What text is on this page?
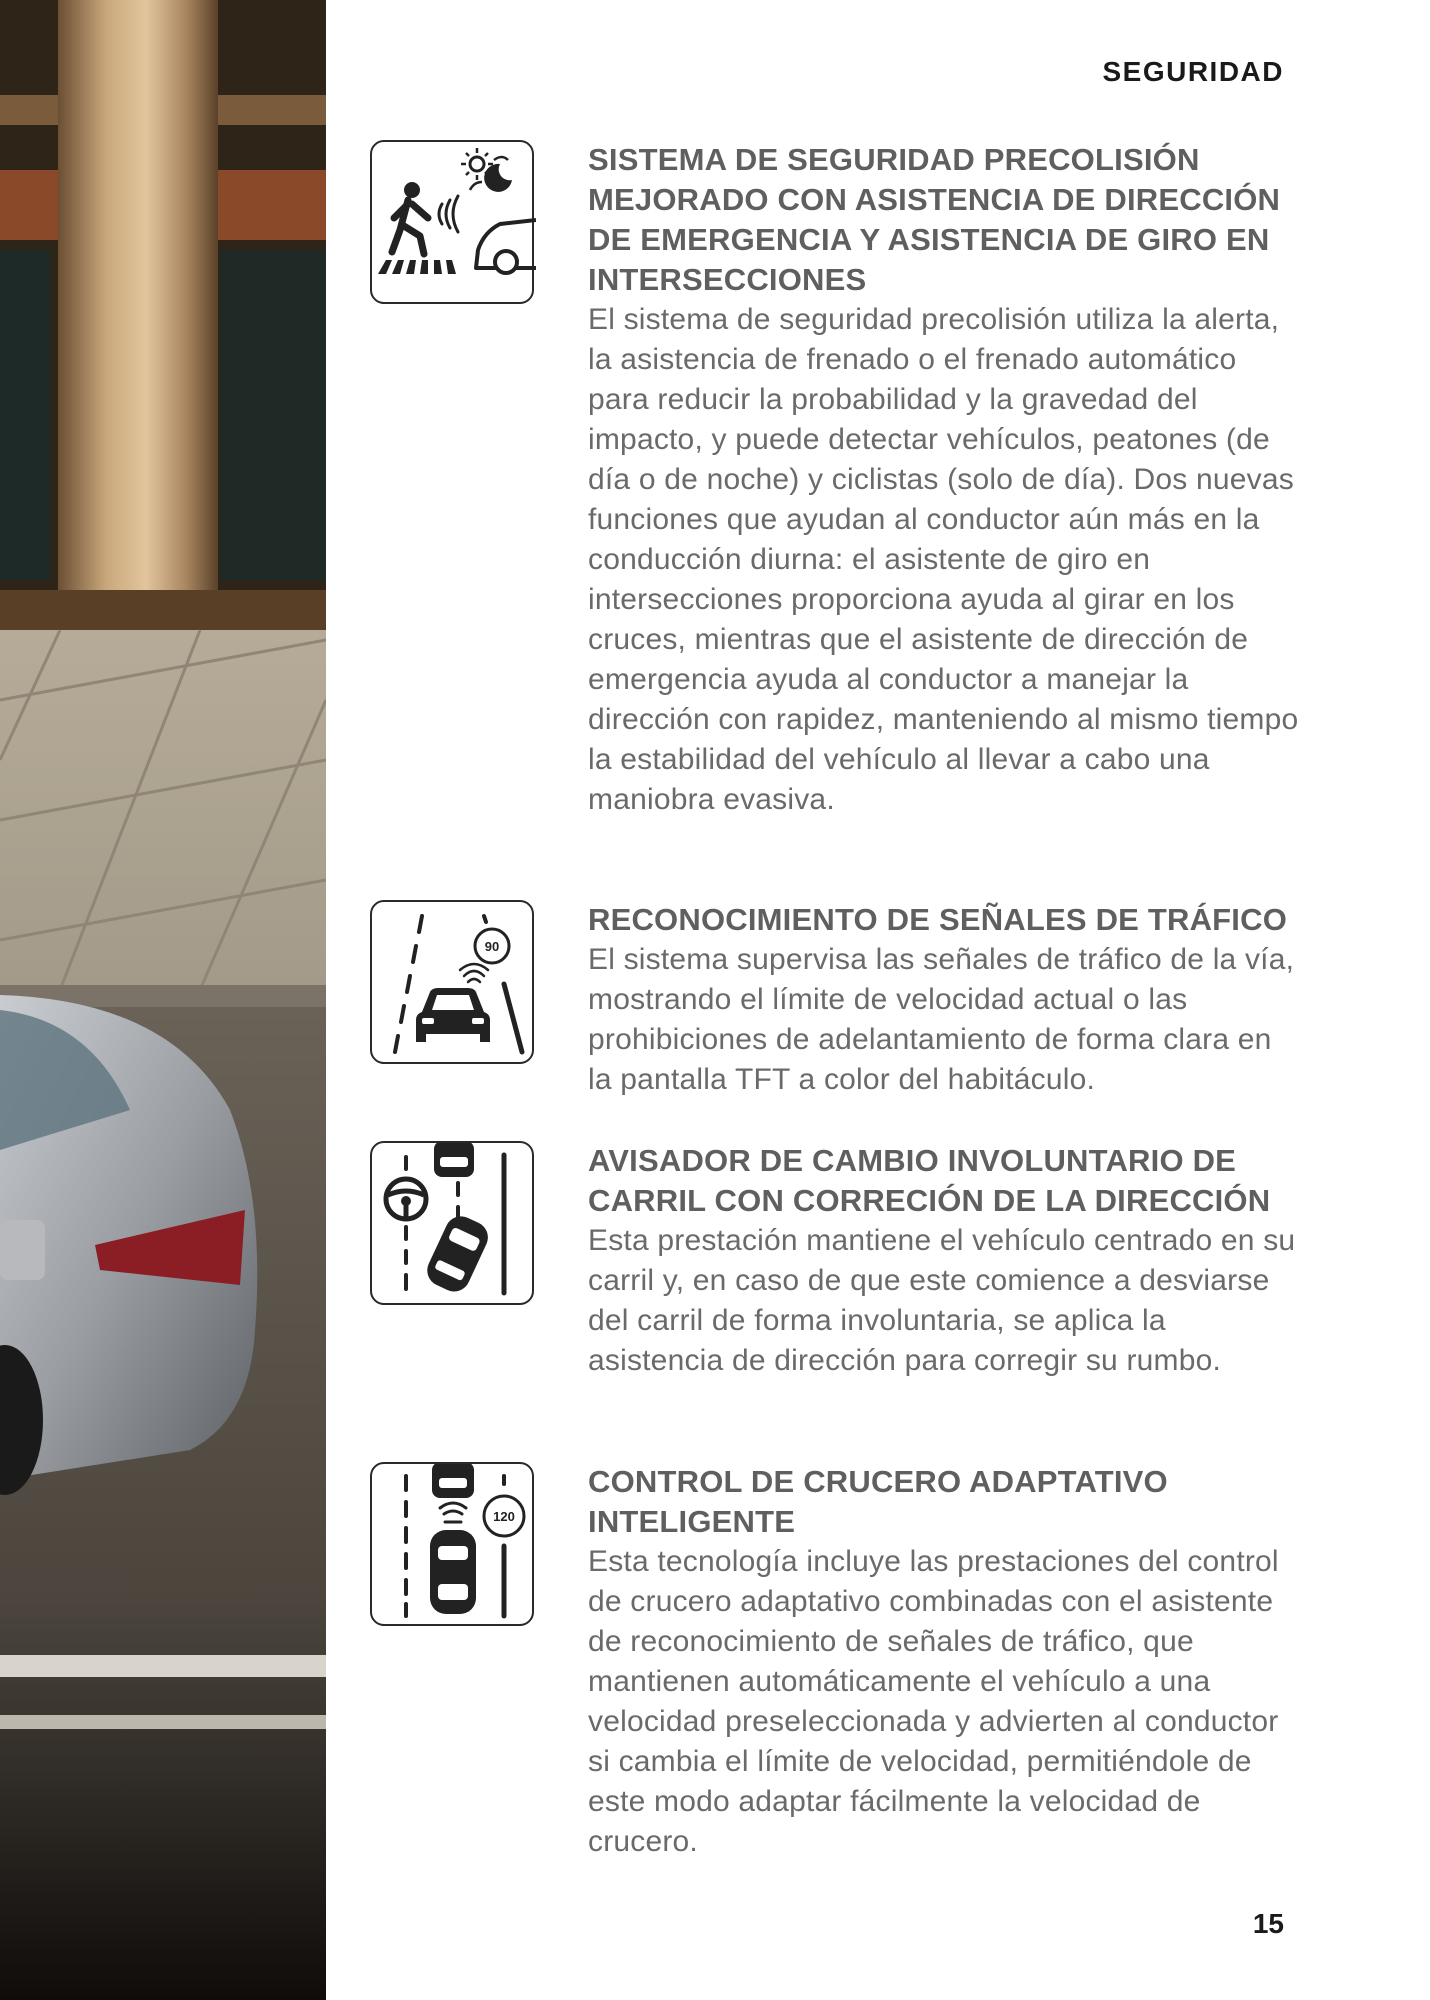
SEGURIDAD
SISTEMA DE SEGURIDAD PRECOLISIÓN MEJORADO CON ASISTENCIA DE DIRECCIÓN DE EMERGENCIA Y ASISTENCIA DE GIRO EN INTERSECCIONES

El sistema de seguridad precolisión utiliza la alerta, la asistencia de frenado o el frenado automático para reducir la probabilidad y la gravedad del impacto, y puede detectar vehículos, peatones (de día o de noche) y ciclistas (solo de día). Dos nuevas funciones que ayudan al conductor aún más en la conducción diurna: el asistente de giro en intersecciones proporciona ayuda al girar en los cruces, mientras que el asistente de dirección de emergencia ayuda al conductor a manejar la dirección con rapidez, manteniendo al mismo tiempo la estabilidad del vehículo al llevar a cabo una maniobra evasiva.

90
RECONOCIMIENTO DE SEÑALES DE TRÁFICO

El sistema supervisa las señales de tráfico de la vía, mostrando el límite de velocidad actual o las prohibiciones de adelantamiento de forma clara en la pantalla TFT a color del habitáculo.

AVISADOR DE CAMBIO INVOLUNTARIO DE CARRIL CON CORRECIÓN DE LA DIRECCIÓN

Esta prestación mantiene el vehículo centrado en su carril y, en caso de que este comience a desviarse del carril de forma involuntaria, se aplica la asistencia de dirección para corregir su rumbo.

120
CONTROL DE CRUCERO ADAPTATIVO INTELIGENTE

Esta tecnología incluye las prestaciones del control de crucero adaptativo combinadas con el asistente de reconocimiento de señales de tráfico, que mantienen automáticamente el vehículo a una velocidad preseleccionada y advierten al conductor si cambia el límite de velocidad, permitiéndole de este modo adaptar fácilmente la velocidad de crucero.

15
